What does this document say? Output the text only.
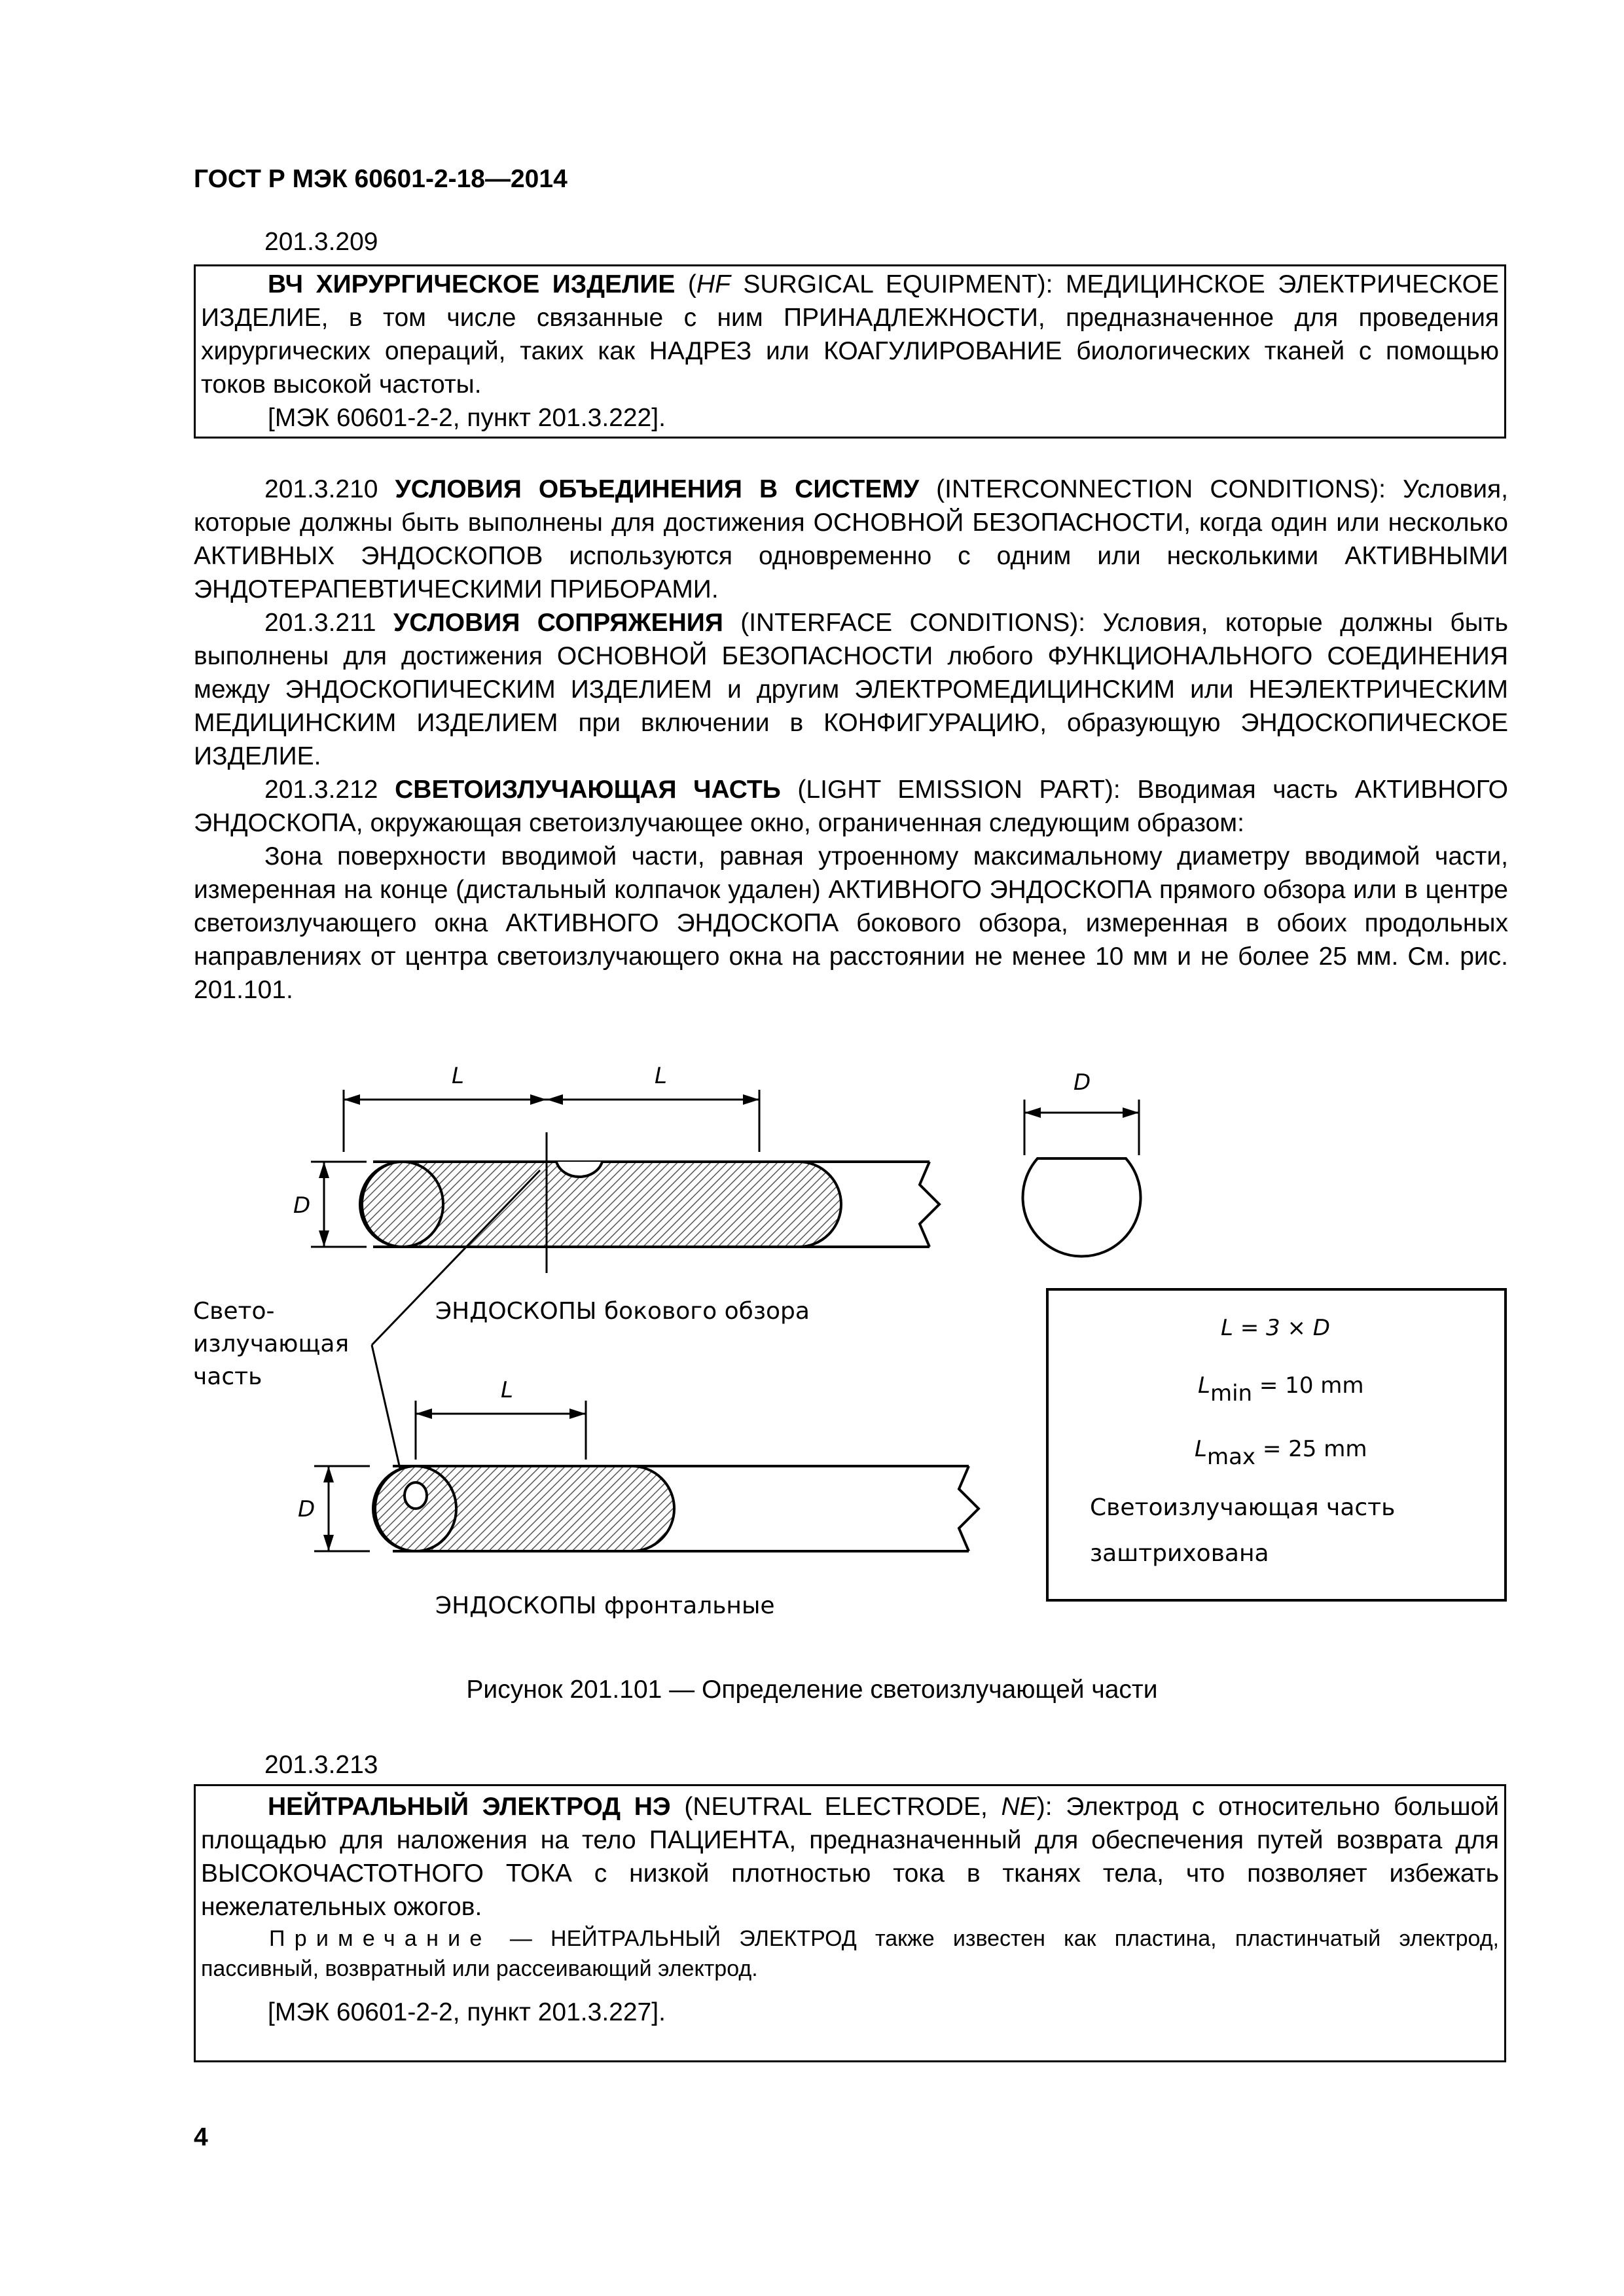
ГОСТ Р МЭК 60601-2-18—2014
201.3.209

ВЧ ХИРУРГИЧЕСКОЕ ИЗДЕЛИЕ (HF SURGICAL EQUIPMENT): МЕДИЦИНСКОЕ ЭЛЕКТРИЧЕСКОЕ ИЗДЕЛИЕ, в том числе связанные с ним ПРИНАДЛЕЖНОСТИ, предназначенное для проведения хирургических операций, таких как НАДРЕЗ или КОАГУЛИРОВАНИЕ биологических тканей с помощью токов высокой частоты.

[МЭК 60601-2-2, пункт 201.3.222].

201.3.210 УСЛОВИЯ ОБЪЕДИНЕНИЯ В СИСТЕМУ (INTERCONNECTION CONDITIONS): Условия, которые должны быть выполнены для достижения ОСНОВНОЙ БЕЗОПАСНОСТИ, когда один или несколько АКТИВНЫХ ЭНДОСКОПОВ используются одновременно с одним или несколькими АКТИВНЫМИ ЭНДОТЕРАПЕВТИЧЕСКИМИ ПРИБОРАМИ.

201.3.211 УСЛОВИЯ СОПРЯЖЕНИЯ (INTERFACE CONDITIONS): Условия, которые должны быть выполнены для достижения ОСНОВНОЙ БЕЗОПАСНОСТИ любого ФУНКЦИОНАЛЬНОГО СОЕДИНЕНИЯ между ЭНДОСКОПИЧЕСКИМ ИЗДЕЛИЕМ и другим ЭЛЕКТРОМЕДИЦИНСКИМ или НЕЭЛЕКТРИЧЕСКИМ МЕДИЦИНСКИМ ИЗДЕЛИЕМ при включении в КОНФИГУРАЦИЮ, образующую ЭНДОСКОПИЧЕСКОЕ ИЗДЕЛИЕ.

201.3.212 СВЕТОИЗЛУЧАЮЩАЯ ЧАСТЬ (LIGHT EMISSION PART): Вводимая часть АКТИВНОГО ЭНДОСКОПА, окружающая светоизлучающее окно, ограниченная следующим образом:

Зона поверхности вводимой части, равная утроенному максимальному диаметру вводимой части, измеренная на конце (дистальный колпачок удален) АКТИВНОГО ЭНДОСКОПА прямого обзора или в центре светоизлучающего окна АКТИВНОГО ЭНДОСКОПА бокового обзора, измеренная в обоих продольных направлениях от центра светоизлучающего окна на расстоянии не менее 10 мм и не более 25 мм. См. рис. 201.101.

L	L
D
ЭНДОСКОПЫ бокового обзора
D
Свето-
излучающая
часть	L
D
ЭНДОСКОПЫ фронтальные
L = 3 × D
Lmin = 10 mm
Lmax = 25 mm
Светоизлучающая часть
заштрихована
Рисунок 201.101 — Определение светоизлучающей части
201.3.213

НЕЙТРАЛЬНЫЙ ЭЛЕКТРОД НЭ (NEUTRAL ELECTRODE, NE): Электрод с относительно большой площадью для наложения на тело ПАЦИЕНТА, предназначенный для обеспечения путей возврата для ВЫСОКОЧАСТОТНОГО ТОКА с низкой плотностью тока в тканях тела, что позволяет избежать нежелательных ожогов.

Примечание — НЕЙТРАЛЬНЫЙ ЭЛЕКТРОД также известен как пластина, пластинчатый электрод, пассивный, возвратный или рассеивающий электрод.

[МЭК 60601-2-2, пункт 201.3.227].

4
